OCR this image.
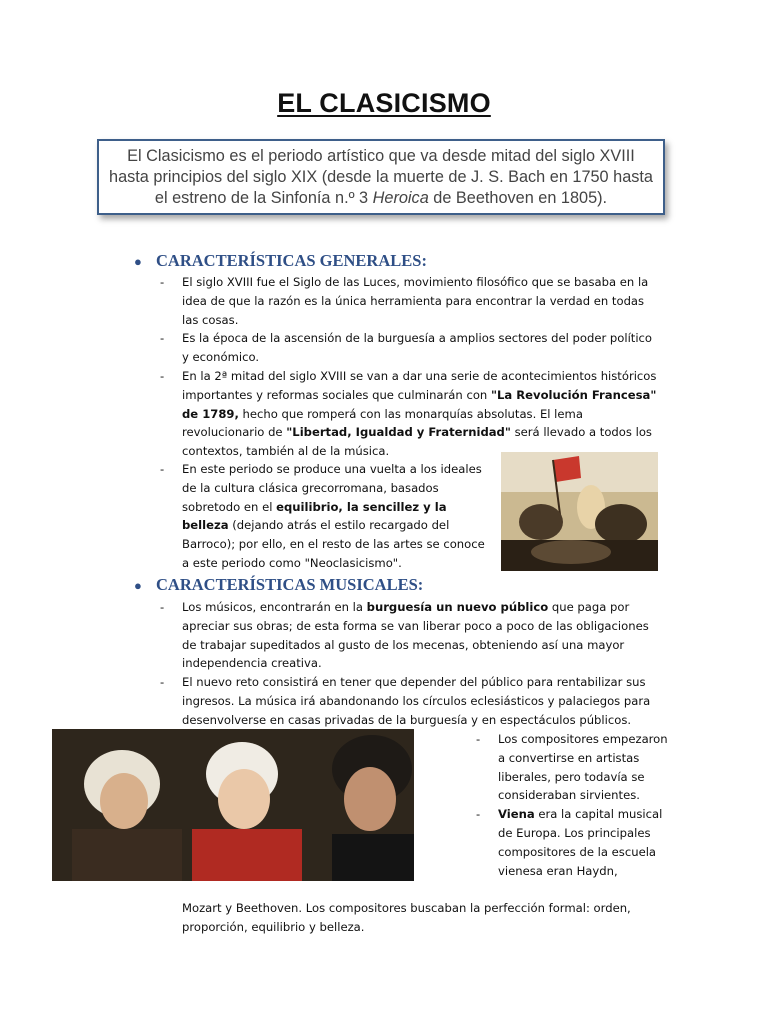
EL CLASICISMO
El Clasicismo es el periodo artístico que va desde mitad del siglo XVIII hasta principios del siglo XIX (desde la muerte de J. S. Bach en 1750 hasta el estreno de la Sinfonía n.º 3 Heroica de Beethoven en 1805).
● CARACTERÍSTICAS GENERALES:
- El siglo XVIII fue el Siglo de las Luces, movimiento filosófico que se basaba en la idea de que la razón es la única herramienta para encontrar la verdad en todas las cosas.
- Es la época de la ascensión de la burguesía a amplios sectores del poder político y económico.
- En la 2ª mitad del siglo XVIII se van a dar una serie de acontecimientos históricos importantes y reformas sociales que culminarán con "La Revolución Francesa" de 1789, hecho que romperá con las monarquías absolutas. El lema revolucionario de "Libertad, Igualdad y Fraternidad" será llevado a todos los contextos, también al de la música.
- En este periodo se produce una vuelta a los ideales de la cultura clásica grecorromana, basados sobretodo en el equilibrio, la sencillez y la belleza (dejando atrás el estilo recargado del Barroco); por ello, en el resto de las artes se conoce a este periodo como "Neoclasicismo".
● CARACTERÍSTICAS MUSICALES:
- Los músicos, encontrarán en la burguesía un nuevo público que paga por apreciar sus obras; de esta forma se van liberar poco a poco de las obligaciones de trabajar supeditados al gusto de los mecenas, obteniendo así una mayor independencia creativa.
- El nuevo reto consistirá en tener que depender del público para rentabilizar sus ingresos. La música irá abandonando los círculos eclesiásticos y palaciegos para desenvolverse en casas privadas de la burguesía y en espectáculos públicos.
- Los compositores empezaron a convertirse en artistas liberales, pero todavía se consideraban sirvientes.
- Viena era la capital musical de Europa. Los principales compositores de la escuela vienesa eran Haydn,
Mozart y Beethoven. Los compositores buscaban la perfección formal: orden, proporción, equilibrio y belleza.
